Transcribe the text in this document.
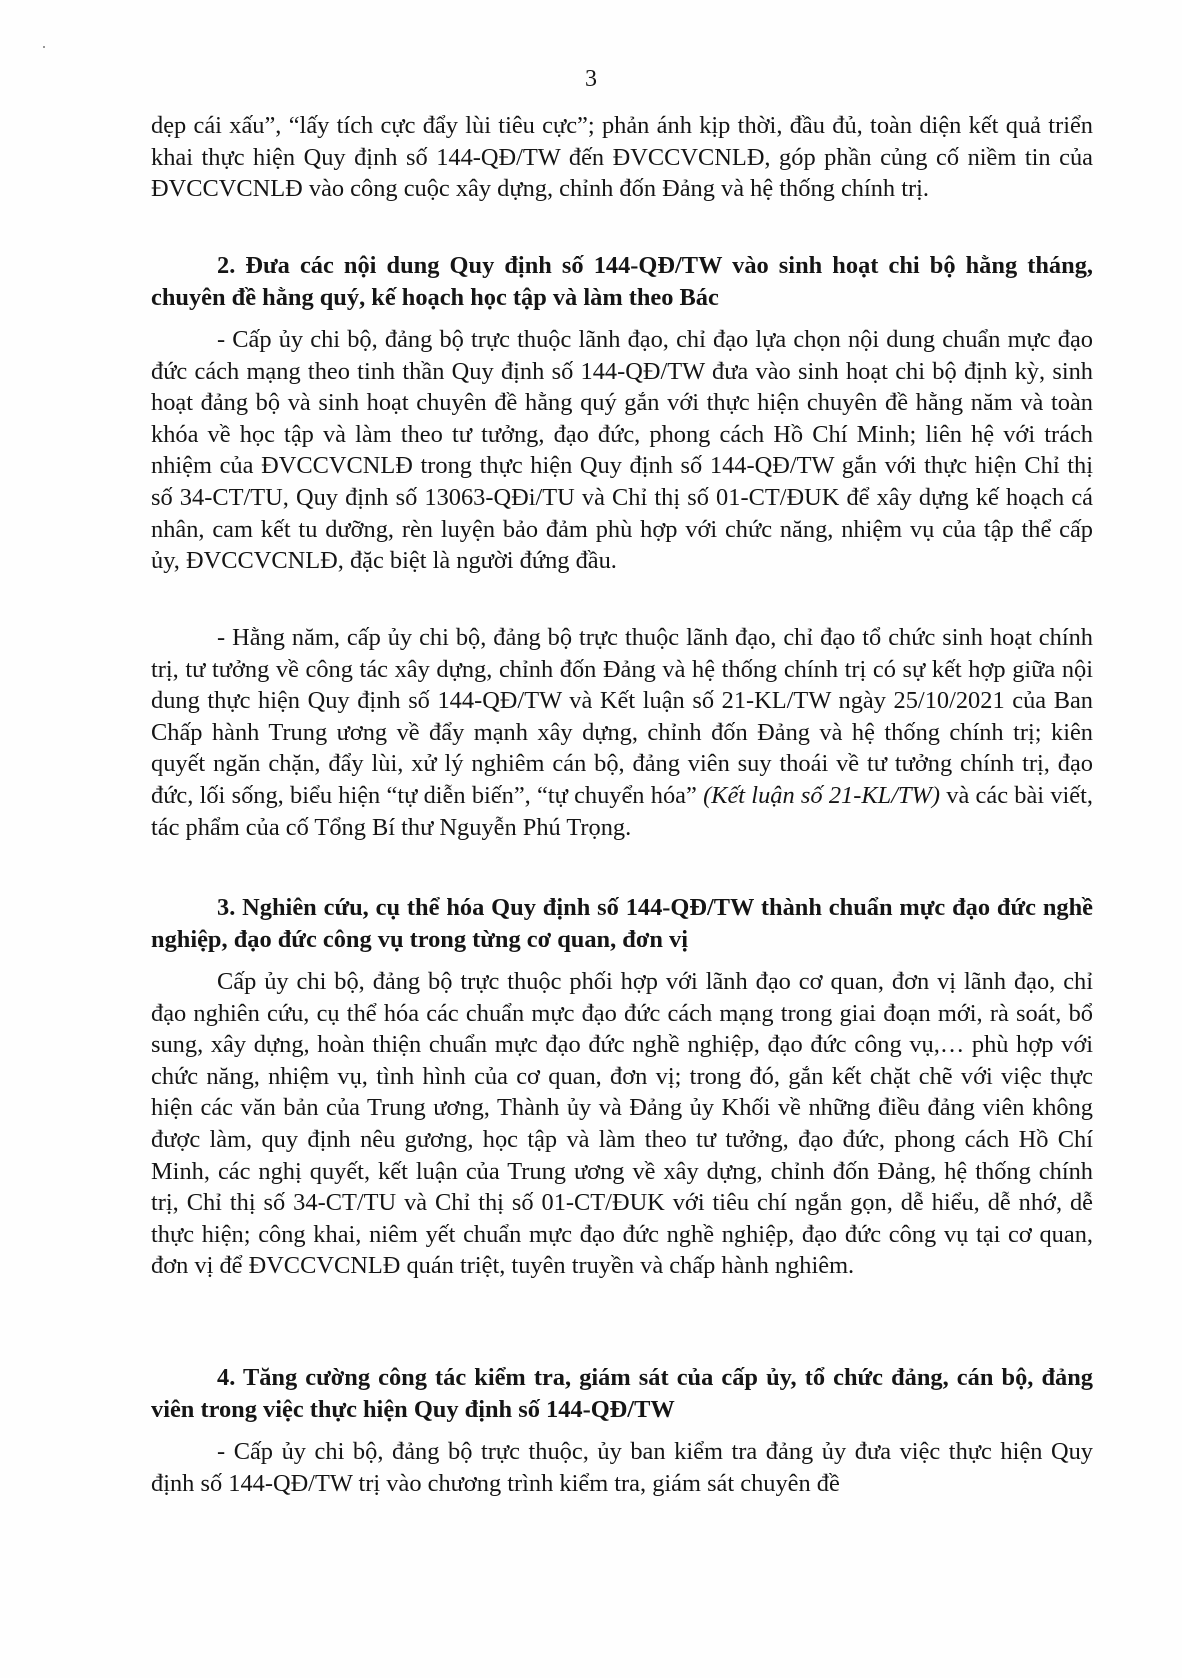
3

dẹp cái xấu”, “lấy tích cực đẩy lùi tiêu cực”; phản ánh kịp thời, đầu đủ, toàn diện kết quả triển khai thực hiện Quy định số 144-QĐ/TW đến ĐVCCVCNLĐ, góp phần củng cố niềm tin của ĐVCCVCNLĐ vào công cuộc xây dựng, chỉnh đốn Đảng và hệ thống chính trị.

2. Đưa các nội dung Quy định số 144-QĐ/TW vào sinh hoạt chi bộ hằng tháng, chuyên đề hằng quý, kế hoạch học tập và làm theo Bác

- Cấp ủy chi bộ, đảng bộ trực thuộc lãnh đạo, chỉ đạo lựa chọn nội dung chuẩn mực đạo đức cách mạng theo tinh thần Quy định số 144-QĐ/TW đưa vào sinh hoạt chi bộ định kỳ, sinh hoạt đảng bộ và sinh hoạt chuyên đề hằng quý gắn với thực hiện chuyên đề hằng năm và toàn khóa về học tập và làm theo tư tưởng, đạo đức, phong cách Hồ Chí Minh; liên hệ với trách nhiệm của ĐVCCVCNLĐ trong thực hiện Quy định số 144-QĐ/TW gắn với thực hiện Chỉ thị số 34-CT/TU, Quy định số 13063-QĐi/TU và Chỉ thị số 01-CT/ĐUK để xây dựng kế hoạch cá nhân, cam kết tu dưỡng, rèn luyện bảo đảm phù hợp với chức năng, nhiệm vụ của tập thể cấp ủy, ĐVCCVCNLĐ, đặc biệt là người đứng đầu.

- Hằng năm, cấp ủy chi bộ, đảng bộ trực thuộc lãnh đạo, chỉ đạo tổ chức sinh hoạt chính trị, tư tưởng về công tác xây dựng, chỉnh đốn Đảng và hệ thống chính trị có sự kết hợp giữa nội dung thực hiện Quy định số 144-QĐ/TW và Kết luận số 21-KL/TW ngày 25/10/2021 của Ban Chấp hành Trung ương về đẩy mạnh xây dựng, chỉnh đốn Đảng và hệ thống chính trị; kiên quyết ngăn chặn, đẩy lùi, xử lý nghiêm cán bộ, đảng viên suy thoái về tư tưởng chính trị, đạo đức, lối sống, biểu hiện “tự diễn biến”, “tự chuyển hóa” (Kết luận số 21-KL/TW) và các bài viết, tác phẩm của cố Tổng Bí thư Nguyễn Phú Trọng.

3. Nghiên cứu, cụ thể hóa Quy định số 144-QĐ/TW thành chuẩn mực đạo đức nghề nghiệp, đạo đức công vụ trong từng cơ quan, đơn vị

Cấp ủy chi bộ, đảng bộ trực thuộc phối hợp với lãnh đạo cơ quan, đơn vị lãnh đạo, chỉ đạo nghiên cứu, cụ thể hóa các chuẩn mực đạo đức cách mạng trong giai đoạn mới, rà soát, bổ sung, xây dựng, hoàn thiện chuẩn mực đạo đức nghề nghiệp, đạo đức công vụ,… phù hợp với chức năng, nhiệm vụ, tình hình của cơ quan, đơn vị; trong đó, gắn kết chặt chẽ với việc thực hiện các văn bản của Trung ương, Thành ủy và Đảng ủy Khối về những điều đảng viên không được làm, quy định nêu gương, học tập và làm theo tư tưởng, đạo đức, phong cách Hồ Chí Minh, các nghị quyết, kết luận của Trung ương về xây dựng, chỉnh đốn Đảng, hệ thống chính trị, Chỉ thị số 34-CT/TU và Chỉ thị số 01-CT/ĐUK với tiêu chí ngắn gọn, dễ hiểu, dễ nhớ, dễ thực hiện; công khai, niêm yết chuẩn mực đạo đức nghề nghiệp, đạo đức công vụ tại cơ quan, đơn vị để ĐVCCVCNLĐ quán triệt, tuyên truyền và chấp hành nghiêm.

4. Tăng cường công tác kiểm tra, giám sát của cấp ủy, tổ chức đảng, cán bộ, đảng viên trong việc thực hiện Quy định số 144-QĐ/TW

- Cấp ủy chi bộ, đảng bộ trực thuộc, ủy ban kiểm tra đảng ủy đưa việc thực hiện Quy định số 144-QĐ/TW trị vào chương trình kiểm tra, giám sát chuyên đề
